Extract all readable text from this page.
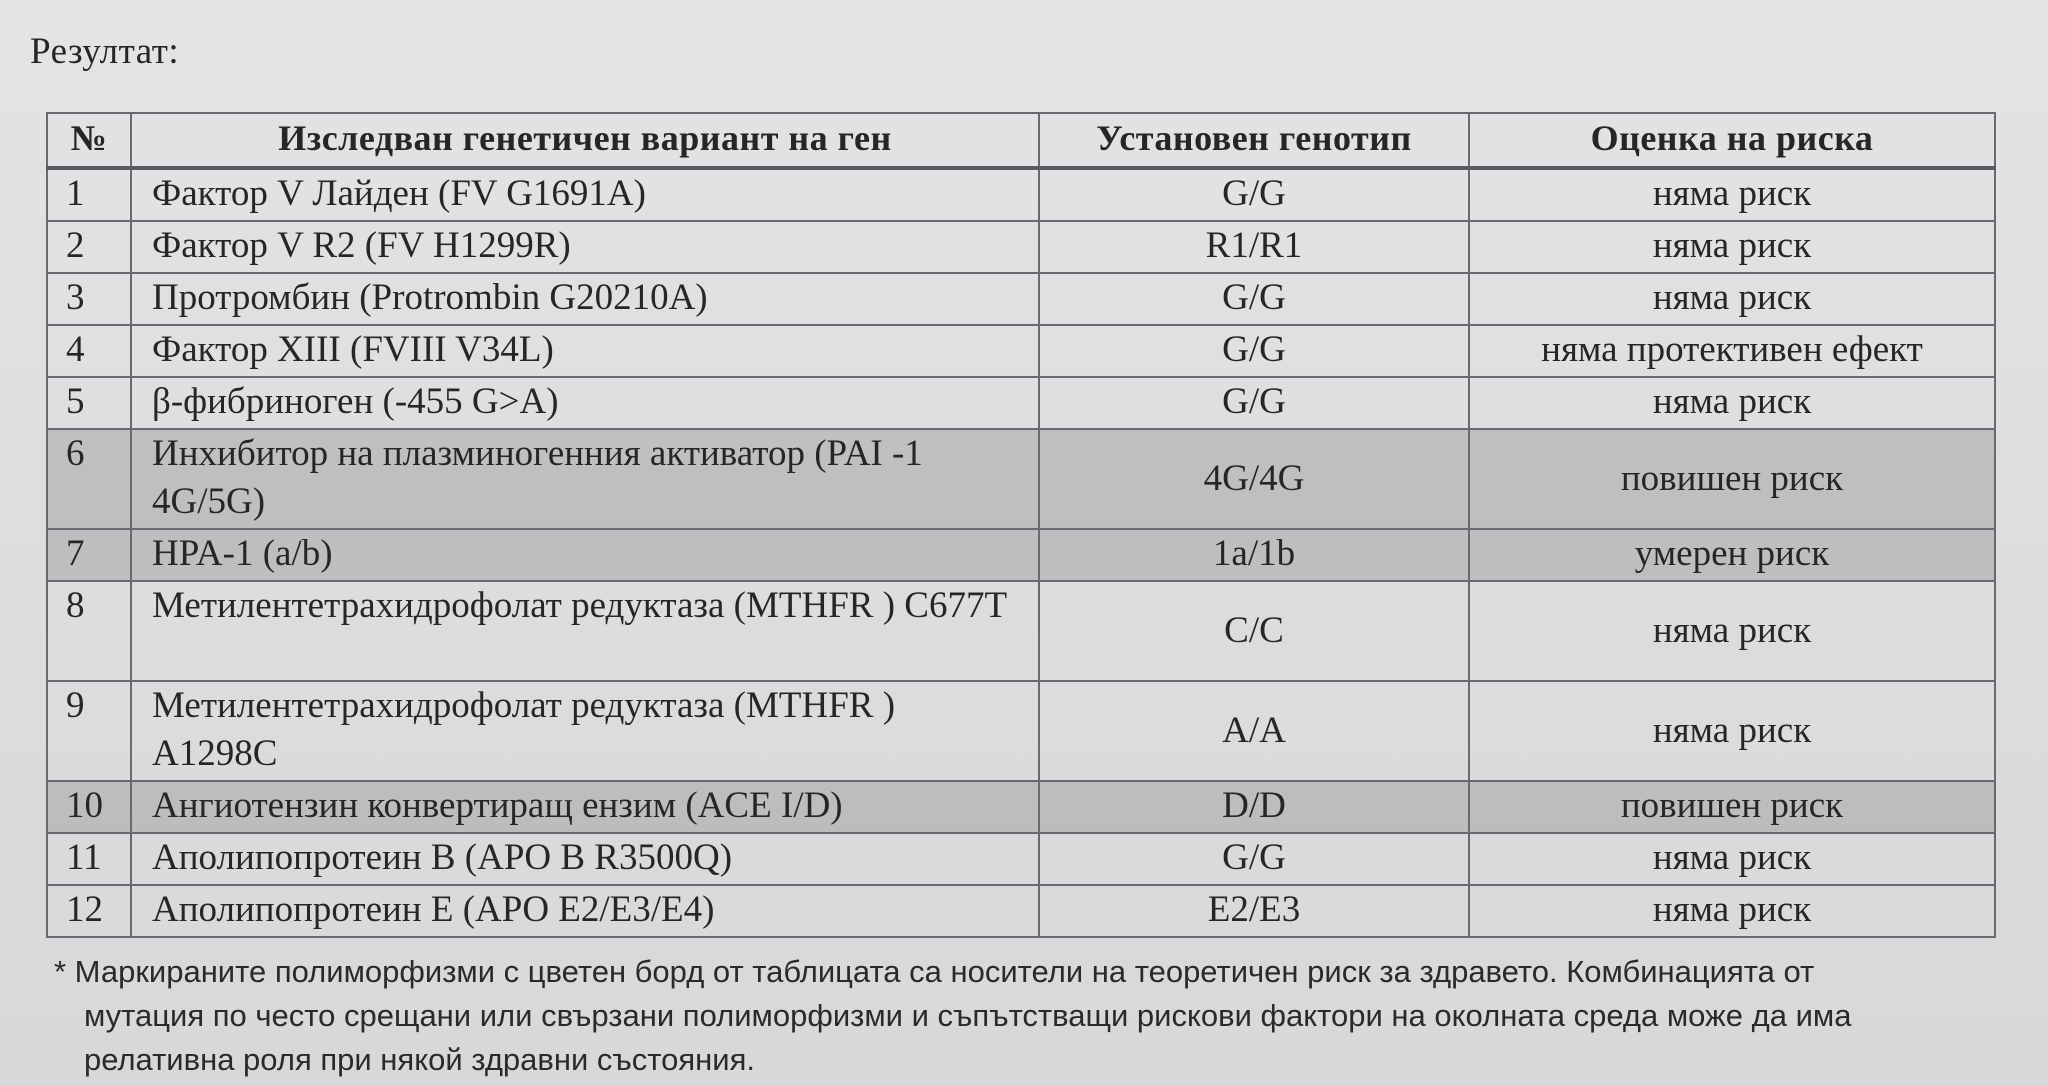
Резултат:
№	Изследван генетичен вариант на ген	Установен генотип	Оценка на риска
1	Фактор V Лайден (FV G1691A)	G/G	няма риск
2	Фактор V R2 (FV H1299R)	R1/R1	няма риск
3	Протромбин (Protrombin G20210A)	G/G	няма риск
4	Фактор XIII (FVIII V34L)	G/G	няма протективен ефект
5	β-фибриноген (-455 G>A)	G/G	няма риск
6	Инхибитор на плазминогенния активатор (PAI -1 4G/5G)	4G/4G	повишен риск
7	HPA-1 (a/b)	1a/1b	умерен риск
8	Метилентетрахидрофолат редуктаза (MTHFR ) C677T	C/C	няма риск
9	Метилентетрахидрофолат редуктаза (MTHFR ) A1298C	A/A	няма риск
10	Ангиотензин конвертиращ ензим (ACE I/D)	D/D	повишен риск
11	Аполипопротеин B (APO B R3500Q)	G/G	няма риск
12	Аполипопротеин E (APO E2/E3/E4)	E2/E3	няма риск
* Маркираните полиморфизми с цветен борд от таблицата са носители на теоретичен риск за здравето. Комбинацията от
мутация по често срещани или свързани полиморфизми и съпътстващи рискови фактори на околната среда може да има
релативна роля при някой здравни състояния.
